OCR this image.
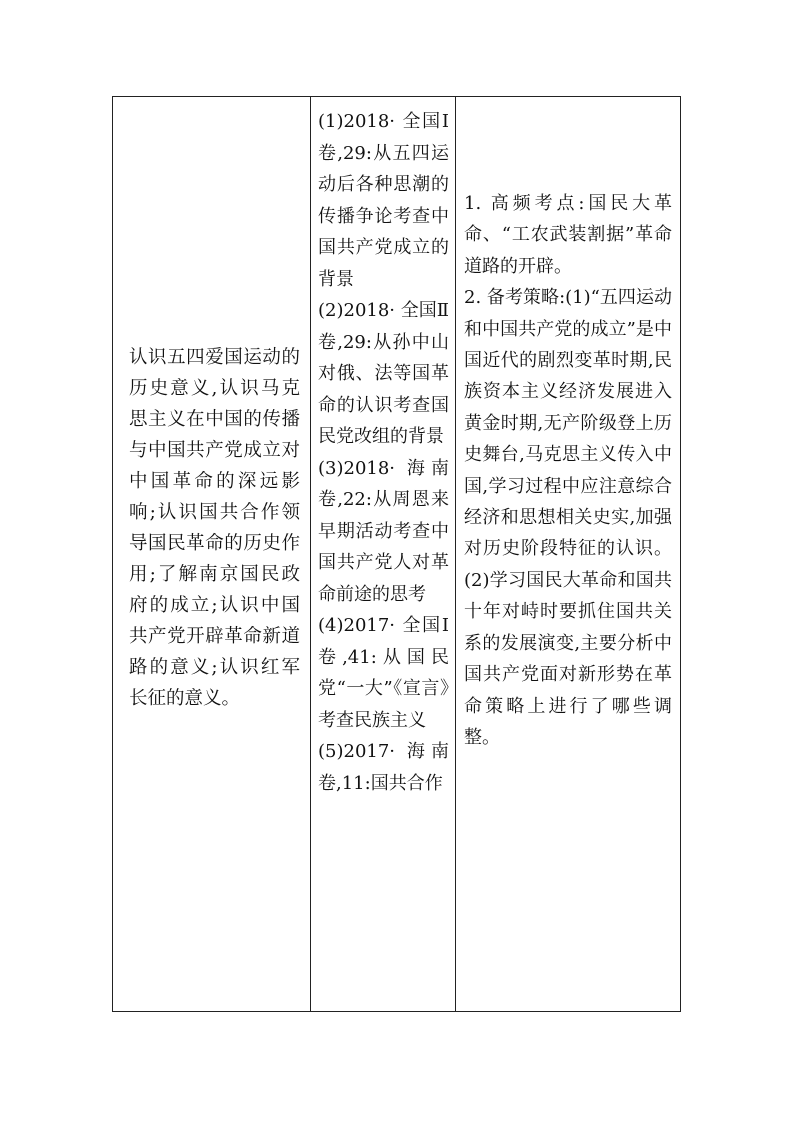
认识五四爱国运动的历史意义,认识马克思主义在中国的传播与中国共产党成立对中国革命的深远影响;认识国共合作领导国民革命的历史作用;了解南京国民政府的成立;认识中国共产党开辟革命新道路的意义;认识红军长征的意义。
(1)2018· 全国Ⅰ卷,29:从五四运动后各种思潮的传播争论考查中国共产党成立的背景
(2)2018· 全国Ⅱ卷,29:从孙中山对俄、法等国革命的认识考查国民党改组的背景
(3)2018· 海南卷,22:从周恩来早期活动考查中国共产党人对革命前途的思考
(4)2017· 全国Ⅰ卷,41:从国民党“一大”《宣言》考查民族主义
(5)2017· 海南卷,11:国共合作
1. 高频考点:国民大革命、“工农武装割据”革命道路的开辟。
2. 备考策略:(1)“五四运动和中国共产党的成立”是中国近代的剧烈变革时期,民族资本主义经济发展进入黄金时期,无产阶级登上历史舞台,马克思主义传入中国,学习过程中应注意综合经济和思想相关史实,加强对历史阶段特征的认识。(2)学习国民大革命和国共十年对峙时要抓住国共关系的发展演变,主要分析中国共产党面对新形势在革命策略上进行了哪些调整。
